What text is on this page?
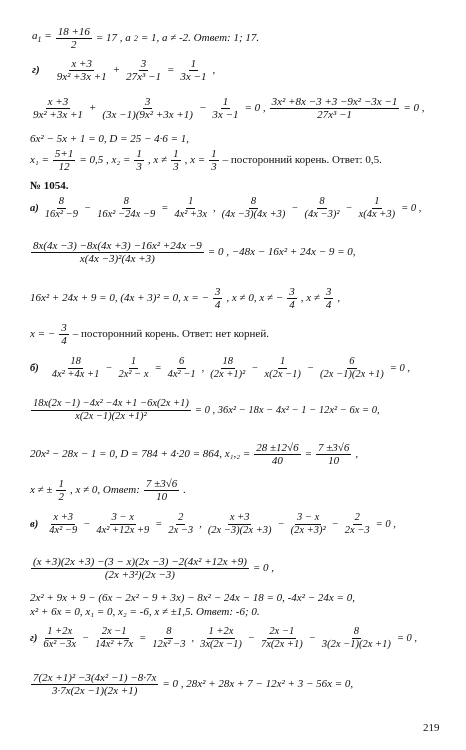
$a_1 = \frac{18 +16}{2} = 17$ , a 2 = 1, a ≠ -2. Ответ: 1; 17.
$г) \frac{x +3}{\text{9x² +3x +1}} + \frac{3}{\text{27x³ −1}} = \frac{1}{3x -1}$ ,
$\frac{x +3}{\text{9x² +3x +1}} + \frac{3}{\text{(3x −1)(9x² +3x +1)}} - \frac{1}{3x -1} = 0$ , $\frac{\text{3x² +8x −3 +3 −9x² −3x −1}}{\text{27x³ −1}} = 0$ ,
6x² − 5x + 1 = 0, D = 25 − 4·6 = 1,
$x_1 = \frac{5+1}{12} = 0,5$ , $x_2 = \frac{1}{3}$ , $x \ne \frac{1}{3}$ , $x = \frac{1}{3}$ – посторонний корень. Ответ: 0,5.
№ 1054.
$а) \frac{8}{\text{16x² −9}} - \frac{8}{\text{16x² −24x −9}} = \frac{1}{\text{4x² +3x}}$ , $\frac{8}{(4x -3)(4x +3)} - \frac{8}{\text{(4x −3)²}} - \frac{1}{x(4x +3)} = 0$ ,
$\frac{\text{8x(4x −3) −8x(4x +3) −16x² +24x −9}}{\text{x(4x −3)²(4x +3)}} = 0$ , −48x − 16x² + 24x − 9 = 0,
16x² + 24x + 9 = 0, (4x + 3)² = 0, x = − $\frac{3}{4}$ , x ≠ 0, x ≠ − $\frac{3}{4}$ , $x \ne \frac{3}{4}$ ,
x = − $\frac{3}{4}$ – посторонний корень. Ответ: нет корней.
$б) \frac{18}{\text{4x² +4x +1}} - \frac{1}{\text{2x² − x}} = \frac{6}{\text{4x² −1}}$ , $\frac{18}{\text{(2x +1)²}} - \frac{1}{x(2x -1)} - \frac{6}{(2x -1)(2x +1)} = 0$ ,
$\frac{\text{18x(2x −1) −4x² −4x +1 −6x(2x +1)}}{\text{x(2x −1)(2x +1)²}} = 0$ , 36x² − 18x − 4x² − 1 − 12x² − 6x = 0,
20x² − 28x − 1 = 0, D = 784 + 4·20 = 864, $x_1,_2 = \frac{28 \pm 12√6}{40} = \frac{7 \pm 3√6}{10}$ ,
x ≠ ± $\frac{1}{2}$ , x ≠ 0, Ответ: $\frac{7 \pm 3√6}{10}$ .
$в) \frac{x +3}{\text{4x² −9}} - \frac{3 - x}{\text{4x² +12x +9}} = \frac{2}{2x -3}$ , $\frac{x +3}{(2x -3)(2x +3)} - \frac{3 - x}{\text{(2x +3)²}} - \frac{2}{2x -3} = 0$ ,
$\frac{\text{(x +3)(2x +3) −(3 − x)(2x −3) −2(4x² +12x +9)}}{\text{(2x +3²)(2x −3)}} = 0$ ,
2x² + 9x + 9 − (6x − 2x² − 9 + 3x) − 8x² − 24x − 18 = 0, -4x² − 24x = 0,
x² + 6x = 0, x₁ = 0, x₂ = -6, x ≠ ±1,5. Ответ: -6; 0.
$г) \frac{1 +2x}{\text{6x² −3x}} - \frac{2x -1}{\text{14x² +7x}} = \frac{8}{\text{12x² −3}}$ , $\frac{1 +2x}{3x(2x -1)} - \frac{2x -1}{7x(2x +1)} - \frac{8}{3(2x -1)(2x +1)} = 0$ ,
$\frac{\text{7(2x +1)² −3(4x² −1) −8·7x}}{3\cdot 7x(2x -1)(2x +1)} = 0$ , 28x² + 28x + 7 − 12x² + 3 − 56x = 0,
219
